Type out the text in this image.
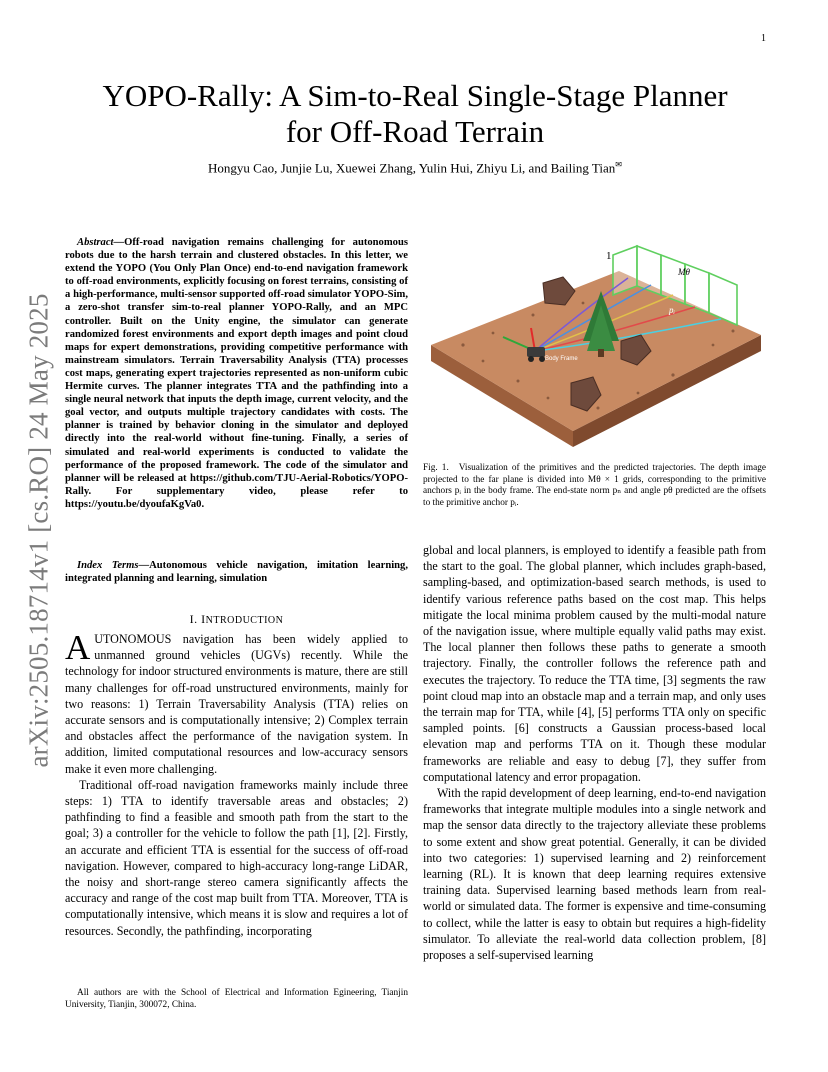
1
arXiv:2505.18714v1 [cs.RO] 24 May 2025
YOPO-Rally: A Sim-to-Real Single-Stage Planner
for Off-Road Terrain
Hongyu Cao, Junjie Lu, Xuewei Zhang, Yulin Hui, Zhiyu Li, and Bailing Tian✉

Abstract—Off-road navigation remains challenging for autonomous robots due to the harsh terrain and clustered obstacles. In this letter, we extend the YOPO (You Only Plan Once) end-to-end navigation framework to off-road environments, explicitly focusing on forest terrains, consisting of a high-performance, multi-sensor supported off-road simulator YOPO-Sim, a zero-shot transfer sim-to-real planner YOPO-Rally, and an MPC controller. Built on the Unity engine, the simulator can generate randomized forest environments and export depth images and point cloud maps for expert demonstrations, providing competitive performance with mainstream simulators. Terrain Traversability Analysis (TTA) processes cost maps, generating expert trajectories represented as non-uniform cubic Hermite curves. The planner integrates TTA and the pathfinding into a single neural network that inputs the depth image, current velocity, and the goal vector, and outputs multiple trajectory candidates with costs. The planner is trained by behavior cloning in the simulator and deployed directly into the real-world without fine-tuning. Finally, a series of simulated and real-world experiments is conducted to validate the performance of the proposed framework. The code of the simulator and planner will be released at https://github.com/TJU-Aerial-Robotics/YOPO-Rally. For supplementary video, please refer to https://youtu.be/dyoufaKgVa0.

Index Terms—Autonomous vehicle navigation, imitation learning, integrated planning and learning, simulation

I. INTRODUCTION

AUTONOMOUS navigation has been widely applied to unmanned ground vehicles (UGVs) recently. While the technology for indoor structured environments is mature, there are still many challenges for off-road unstructured environments, mainly for two reasons: 1) Terrain Traversability Analysis (TTA) relies on accurate sensors and is computationally intensive; 2) Complex terrain and obstacles affect the performance of the navigation system. In addition, limited computational resources and low-accuracy sensors make it even more challenging.

Traditional off-road navigation frameworks mainly include three steps: 1) TTA to identify traversable areas and obstacles; 2) pathfinding to find a feasible and smooth path from the start to the goal; 3) a controller for the vehicle to follow the path [1], [2]. Firstly, an accurate and efficient TTA is essential for the success of off-road navigation. However, compared to high-accuracy long-range LiDAR, the noisy and short-range stereo camera significantly affects the accuracy and range of the cost map built from TTA. Moreover, TTA is computationally intensive, which means it is slow and requires a lot of resources. Secondly, the pathfinding, incorporating

All authors are with the School of Electrical and Information Egineering, Tianjin University, Tianjin, 300072, China.

1
Mθ
pᵢ
Body Frame

Fig. 1. Visualization of the primitives and the predicted trajectories. The depth image projected to the far plane is divided into Mθ × 1 grids, corresponding to the primitive anchors pᵢ in the body frame. The end-state norm pₙ and angle pθ predicted are the offsets to the primitive anchor pᵢ.

global and local planners, is employed to identify a feasible path from the start to the goal. The global planner, which includes graph-based, sampling-based, and optimization-based search methods, is used to identify various reference paths based on the cost map. This helps mitigate the local minima problem caused by the multi-modal nature of the navigation issue, where multiple equally valid paths may exist. The local planner then follows these paths to generate a smooth trajectory. Finally, the controller follows the reference path and executes the trajectory. To reduce the TTA time, [3] segments the raw point cloud map into an obstacle map and a terrain map, and only uses the terrain map for TTA, while [4], [5] performs TTA only on specific sampled points. [6] constructs a Gaussian process-based local elevation map and performs TTA on it. Though these modular frameworks are reliable and easy to debug [7], they suffer from computational latency and error propagation.

With the rapid development of deep learning, end-to-end navigation frameworks that integrate multiple modules into a single network and map the sensor data directly to the trajectory alleviate these problems to some extent and show great potential. Generally, it can be divided into two categories: 1) supervised learning and 2) reinforcement learning (RL). It is known that deep learning requires extensive training data. Supervised learning based methods learn from real-world or simulated data. The former is expensive and time-consuming to collect, while the latter is easy to obtain but requires a high-fidelity simulator. To alleviate the real-world data collection problem, [8] proposes a self-supervised learning
